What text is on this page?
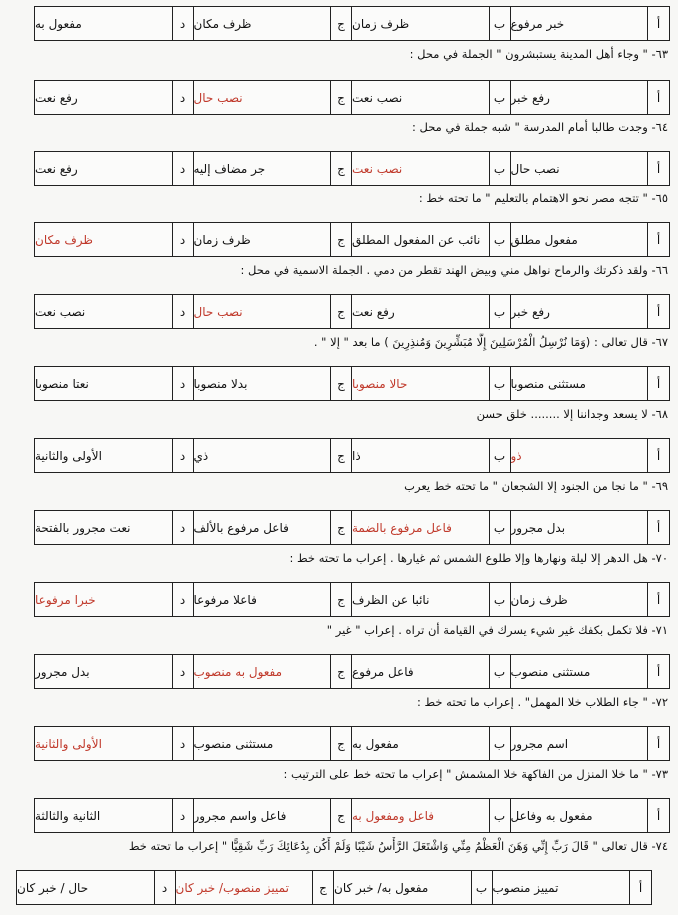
أ
خبر مرفوع
ب
ظرف زمان
ج
ظرف مكان
د
مفعول به
أ
رفع خبر
ب
نصب نعت
ج
نصب حال
د
رفع نعت
أ
نصب حال
ب
نصب نعت
ج
جر مضاف إليه
د
رفع نعت
أ
مفعول مطلق
ب
نائب عن المفعول المطلق
ج
ظرف زمان
د
ظرف مكان
أ
رفع خبر
ب
رفع نعت
ج
نصب حال
د
نصب نعت
أ
مستثنى منصوبا
ب
حالا منصوبا
ج
بدلا منصوبا
د
نعتا منصوبا
أ
ذو
ب
ذا
ج
ذي
د
الأولى والثانية
أ
بدل مجرور
ب
فاعل مرفوع بالضمة
ج
فاعل مرفوع بالألف
د
نعت مجرور بالفتحة
أ
ظرف زمان
ب
نائبا عن الظرف
ج
فاعلا مرفوعا
د
خبرا مرفوعا
أ
مستثنى منصوب
ب
فاعل مرفوع
ج
مفعول به منصوب
د
بدل مجرور
أ
اسم مجرور
ب
مفعول به
ج
مستثنى منصوب
د
الأولى والثانية
أ
مفعول به وفاعل
ب
فاعل ومفعول به
ج
فاعل واسم مجرور
د
الثانية والثالثة
أ
تمييز منصوب
ب
مفعول به/ خبر كان
ج
تمييز منصوب/ خبر كان
د
حال / خبر كان
٦٣- " وجاء أهل المدينة يستبشرون " الجملة في محل :
٦٤- وجدت طالبا أمام المدرسة " شبه جملة في محل :
٦٥- " تتجه مصر نحو الاهتمام بالتعليم " ما تحته خط :
٦٦- ولقد ذكرتك والرماح نواهل مني وبيض الهند تقطر من دمي . الجملة الاسمية في محل :
٦٧- قال تعالى : (وَمَا نُرْسِلُ الْمُرْسَلِينَ إِلَّا مُبَشِّرِينَ وَمُنذِرِينَ ) ما بعد " إلا " .
٦٨- لا يسعد وجداننا إلا ........ خلق حسن
٦٩- " ما نجا من الجنود إلا الشجعان " ما تحته خط يعرب
٧٠- هل الدهر إلا ليلة ونهارها وإلا طلوع الشمس ثم غيارها . إعراب ما تحته خط :
٧١- فلا تكمل بكفك غير شيء يسرك في القيامة أن تراه . إعراب " غير "
٧٢- " جاء الطلاب خلا المهمل" . إعراب ما تحته خط :
٧٣- " ما خلا المنزل من الفاكهة خلا المشمش " إعراب ما تحته خط على الترتيب :
٧٤- قال تعالى " قَالَ رَبِّ إِنِّي وَهَنَ الْعَظْمُ مِنِّي وَاشْتَعَلَ الرَّأْسُ شَيْبًا وَلَمْ أَكُن بِدُعَائِكَ رَبِّ شَقِيًّا " إعراب ما تحته خط
